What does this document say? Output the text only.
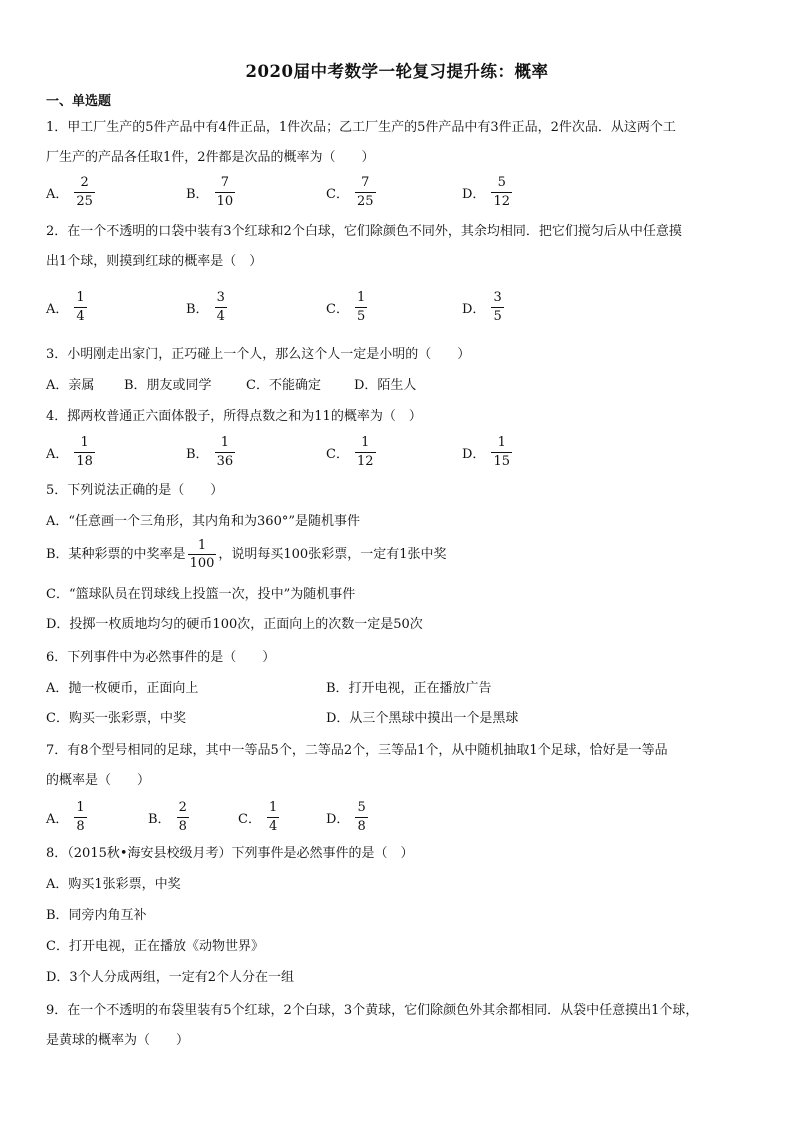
2020届中考数学一轮复习提升练：概率
一、单选题
1．甲工厂生产的5件产品中有4件正品，1件次品；乙工厂生产的5件产品中有3件正品，2件次品．从这两个工
厂生产的产品各任取1件，2件都是次品的概率为（　　）
A． $\frac{2}{25}$	B． $\frac{7}{10}$	C． $\frac{7}{25}$	D． $\frac{5}{12}$
2．在一个不透明的口袋中装有3个红球和2个白球，它们除颜色不同外，其余均相同．把它们搅匀后从中任意摸
出1个球，则摸到红球的概率是（　）
A． $\frac{1}{4}$	B． $\frac{3}{4}$	C． $\frac{1}{5}$	D． $\frac{3}{5}$
3．小明刚走出家门，正巧碰上一个人，那么这个人一定是小明的（　　）
A．亲属 B．朋友或同学	C．不能确定	D．陌生人
4．掷两枚普通正六面体骰子，所得点数之和为11的概率为（　）
A． $\frac{1}{18}$	B． $\frac{1}{36}$	C． $\frac{1}{12}$	D． $\frac{1}{15}$
5．下列说法正确的是（　　）
A．“任意画一个三角形，其内角和为360°”是随机事件
B．某种彩票的中奖率是 $\frac{1}{100}$ ，说明每买100张彩票，一定有1张中奖
C．“篮球队员在罚球线上投篮一次，投中”为随机事件
D．投掷一枚质地均匀的硬币100次，正面向上的次数一定是50次
6．下列事件中为必然事件的是（　　）
A．抛一枚硬币，正面向上	B．打开电视，正在播放广告
C．购买一张彩票，中奖	D．从三个黑球中摸出一个是黑球
7．有8个型号相同的足球，其中一等品5个，二等品2个，三等品1个，从中随机抽取1个足球，恰好是一等品
的概率是（　　）
A． $\frac{1}{8}$	B． $\frac{2}{8}$	C． $\frac{1}{4}$	D． $\frac{5}{8}$
8．（2015秋•海安县校级月考）下列事件是必然事件的是（　）
A．购买1张彩票，中奖
B．同旁内角互补
C．打开电视，正在播放《动物世界》
D．3个人分成两组，一定有2个人分在一组
9．在一个不透明的布袋里装有5个红球，2个白球，3个黄球，它们除颜色外其余都相同．从袋中任意摸出1个球，
是黄球的概率为（　　）
